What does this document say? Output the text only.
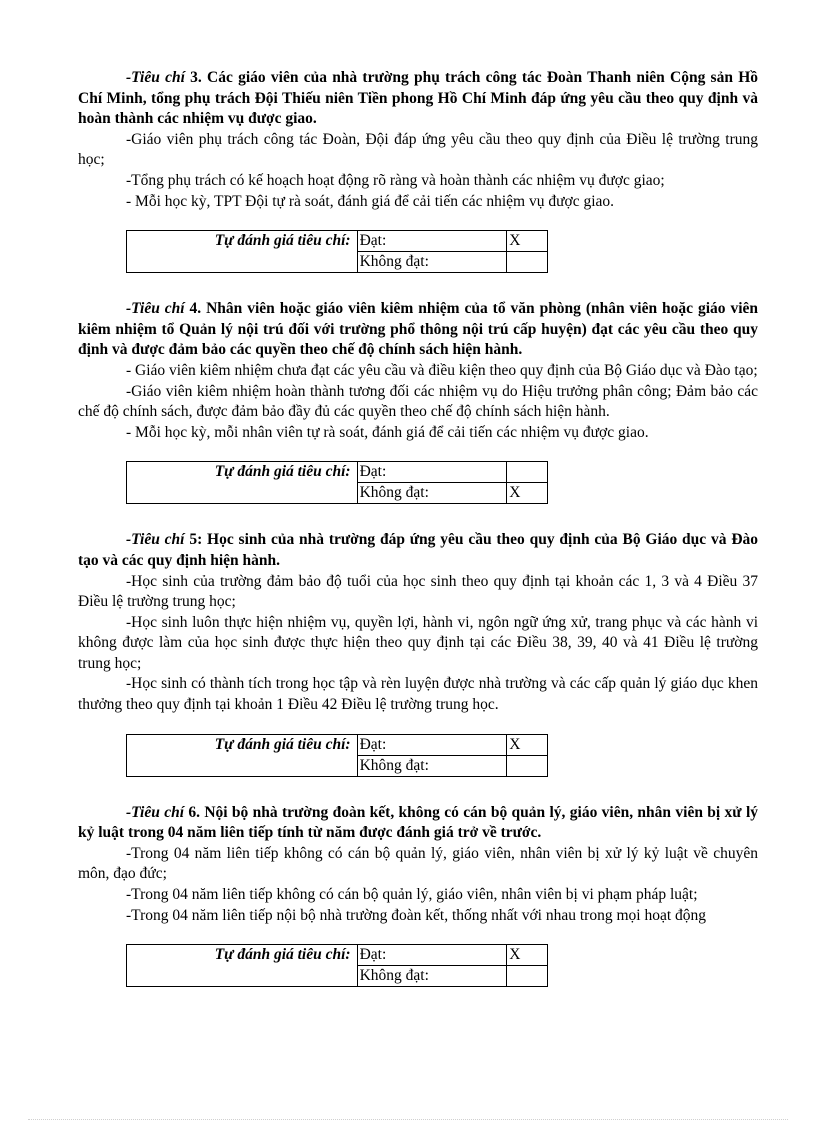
-Tiêu chí 3. Các giáo viên của nhà trường phụ trách công tác Đoàn Thanh niên Cộng sản Hồ Chí Minh, tổng phụ trách Đội Thiếu niên Tiền phong Hồ Chí Minh đáp ứng yêu cầu theo quy định và hoàn thành các nhiệm vụ được giao.

-Giáo viên phụ trách công tác Đoàn, Đội đáp ứng yêu cầu theo quy định của Điều lệ trường trung học;

-Tổng phụ trách có kế hoạch hoạt động rõ ràng và hoàn thành các nhiệm vụ được giao;

- Mỗi học kỳ, TPT Đội tự rà soát, đánh giá để cải tiến các nhiệm vụ được giao.

Tự đánh giá tiêu chí:	Đạt:	X
	Không đạt:	

-Tiêu chí 4. Nhân viên hoặc giáo viên kiêm nhiệm của tổ văn phòng (nhân viên hoặc giáo viên kiêm nhiệm tổ Quản lý nội trú đối với trường phổ thông nội trú cấp huyện) đạt các yêu cầu theo quy định và được đảm bảo các quyền theo chế độ chính sách hiện hành.

- Giáo viên kiêm nhiệm chưa đạt các yêu cầu và điều kiện theo quy định của Bộ Giáo dục và Đào tạo;

-Giáo viên kiêm nhiệm hoàn thành tương đối các nhiệm vụ do Hiệu trưởng phân công; Đảm bảo các chế độ chính sách, được đảm bảo đầy đủ các quyền theo chế độ chính sách hiện hành.

- Mỗi học kỳ, mỗi nhân viên tự rà soát, đánh giá để cải tiến các nhiệm vụ được giao.

Tự đánh giá tiêu chí:	Đạt:	
	Không đạt:	X

-Tiêu chí 5: Học sinh của nhà trường đáp ứng yêu cầu theo quy định của Bộ Giáo dục và Đào tạo và các quy định hiện hành.

-Học sinh của trường đảm bảo độ tuổi của học sinh theo quy định tại khoản các 1, 3 và 4 Điều 37 Điều lệ trường trung học;

-Học sinh luôn thực hiện nhiệm vụ, quyền lợi, hành vi, ngôn ngữ ứng xử, trang phục và các hành vi không được làm của học sinh được thực hiện theo quy định tại các Điều 38, 39, 40 và 41 Điều lệ trường trung học;

-Học sinh có thành tích trong học tập và rèn luyện được nhà trường và các cấp quản lý giáo dục khen thưởng theo quy định tại khoản 1 Điều 42 Điều lệ trường trung học.

Tự đánh giá tiêu chí:	Đạt:	X
	Không đạt:	

-Tiêu chí 6. Nội bộ nhà trường đoàn kết, không có cán bộ quản lý, giáo viên, nhân viên bị xử lý kỷ luật trong 04 năm liên tiếp tính từ năm được đánh giá trở về trước.

-Trong 04 năm liên tiếp không có cán bộ quản lý, giáo viên, nhân viên bị xử lý kỷ luật về chuyên môn, đạo đức;

-Trong 04 năm liên tiếp không có cán bộ quản lý, giáo viên, nhân viên bị vi phạm pháp luật;

-Trong 04 năm liên tiếp nội bộ nhà trường đoàn kết, thống nhất với nhau trong mọi hoạt động

Tự đánh giá tiêu chí:	Đạt:	X
	Không đạt:	
